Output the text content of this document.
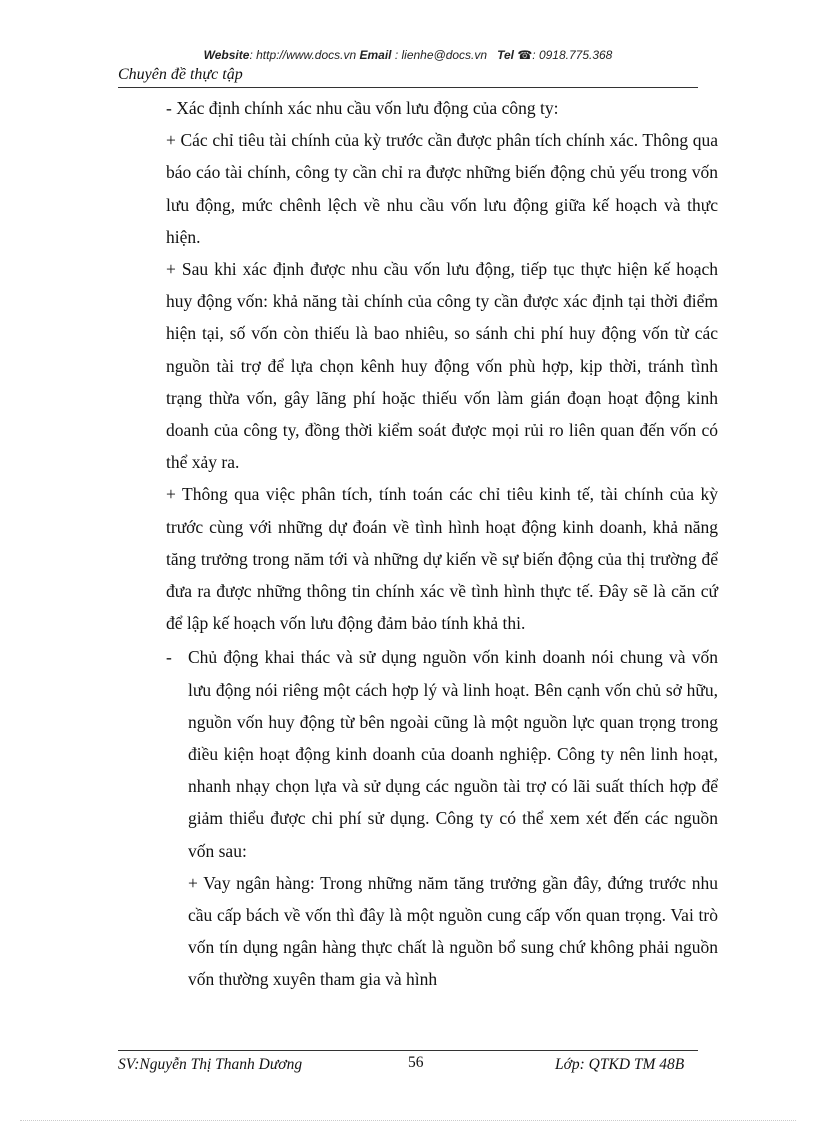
Website: http://www.docs.vn Email : lienhe@docs.vn   Tel ☎: 0918.775.368
Chuyên đề thực tập

- Xác định chính xác nhu cầu vốn lưu động của công ty:

+ Các chỉ tiêu tài chính của kỳ trước cần được phân tích chính xác. Thông qua báo cáo tài chính, công ty cần chỉ ra được những biến động chủ yếu trong vốn lưu động, mức chênh lệch về nhu cầu vốn lưu động giữa kế hoạch và thực hiện.

+ Sau khi xác định được nhu cầu vốn lưu động, tiếp tục thực hiện kế hoạch huy động vốn: khả năng tài chính của công ty cần được xác định tại thời điểm hiện tại, số vốn còn thiếu là bao nhiêu, so sánh chi phí huy động vốn từ các nguồn tài trợ để lựa chọn kênh huy động vốn phù hợp, kịp thời, tránh tình trạng thừa vốn, gây lãng phí hoặc thiếu vốn làm gián đoạn hoạt động kinh doanh của công ty, đồng thời kiểm soát được mọi rủi ro liên quan đến vốn có thể xảy ra.

+ Thông qua việc phân tích, tính toán các chỉ tiêu kinh tế, tài chính của kỳ trước cùng với những dự đoán về tình hình hoạt động kinh doanh, khả năng tăng trưởng trong năm tới và những dự kiến về sự biến động của thị trường để đưa ra được những thông tin chính xác về tình hình thực tế. Đây sẽ là căn cứ để lập kế hoạch vốn lưu động đảm bảo tính khả thi.

- Chủ động khai thác và sử dụng nguồn vốn kinh doanh nói chung và vốn lưu động nói riêng một cách hợp lý và linh hoạt. Bên cạnh vốn chủ sở hữu, nguồn vốn huy động từ bên ngoài cũng là một nguồn lực quan trọng trong điều kiện hoạt động kinh doanh của doanh nghiệp. Công ty nên linh hoạt, nhanh nhạy chọn lựa và sử dụng các nguồn tài trợ có lãi suất thích hợp để giảm thiểu được chi phí sử dụng. Công ty có thể xem xét đến các nguồn vốn sau:

+ Vay ngân hàng: Trong những năm tăng trưởng gần đây, đứng trước nhu cầu cấp bách về vốn thì đây là một nguồn cung cấp vốn quan trọng. Vai trò vốn tín dụng ngân hàng thực chất là nguồn bổ sung chứ không phải nguồn vốn thường xuyên tham gia và hình

SV:Nguyễn Thị Thanh Dương	56	Lớp: QTKD TM 48B
